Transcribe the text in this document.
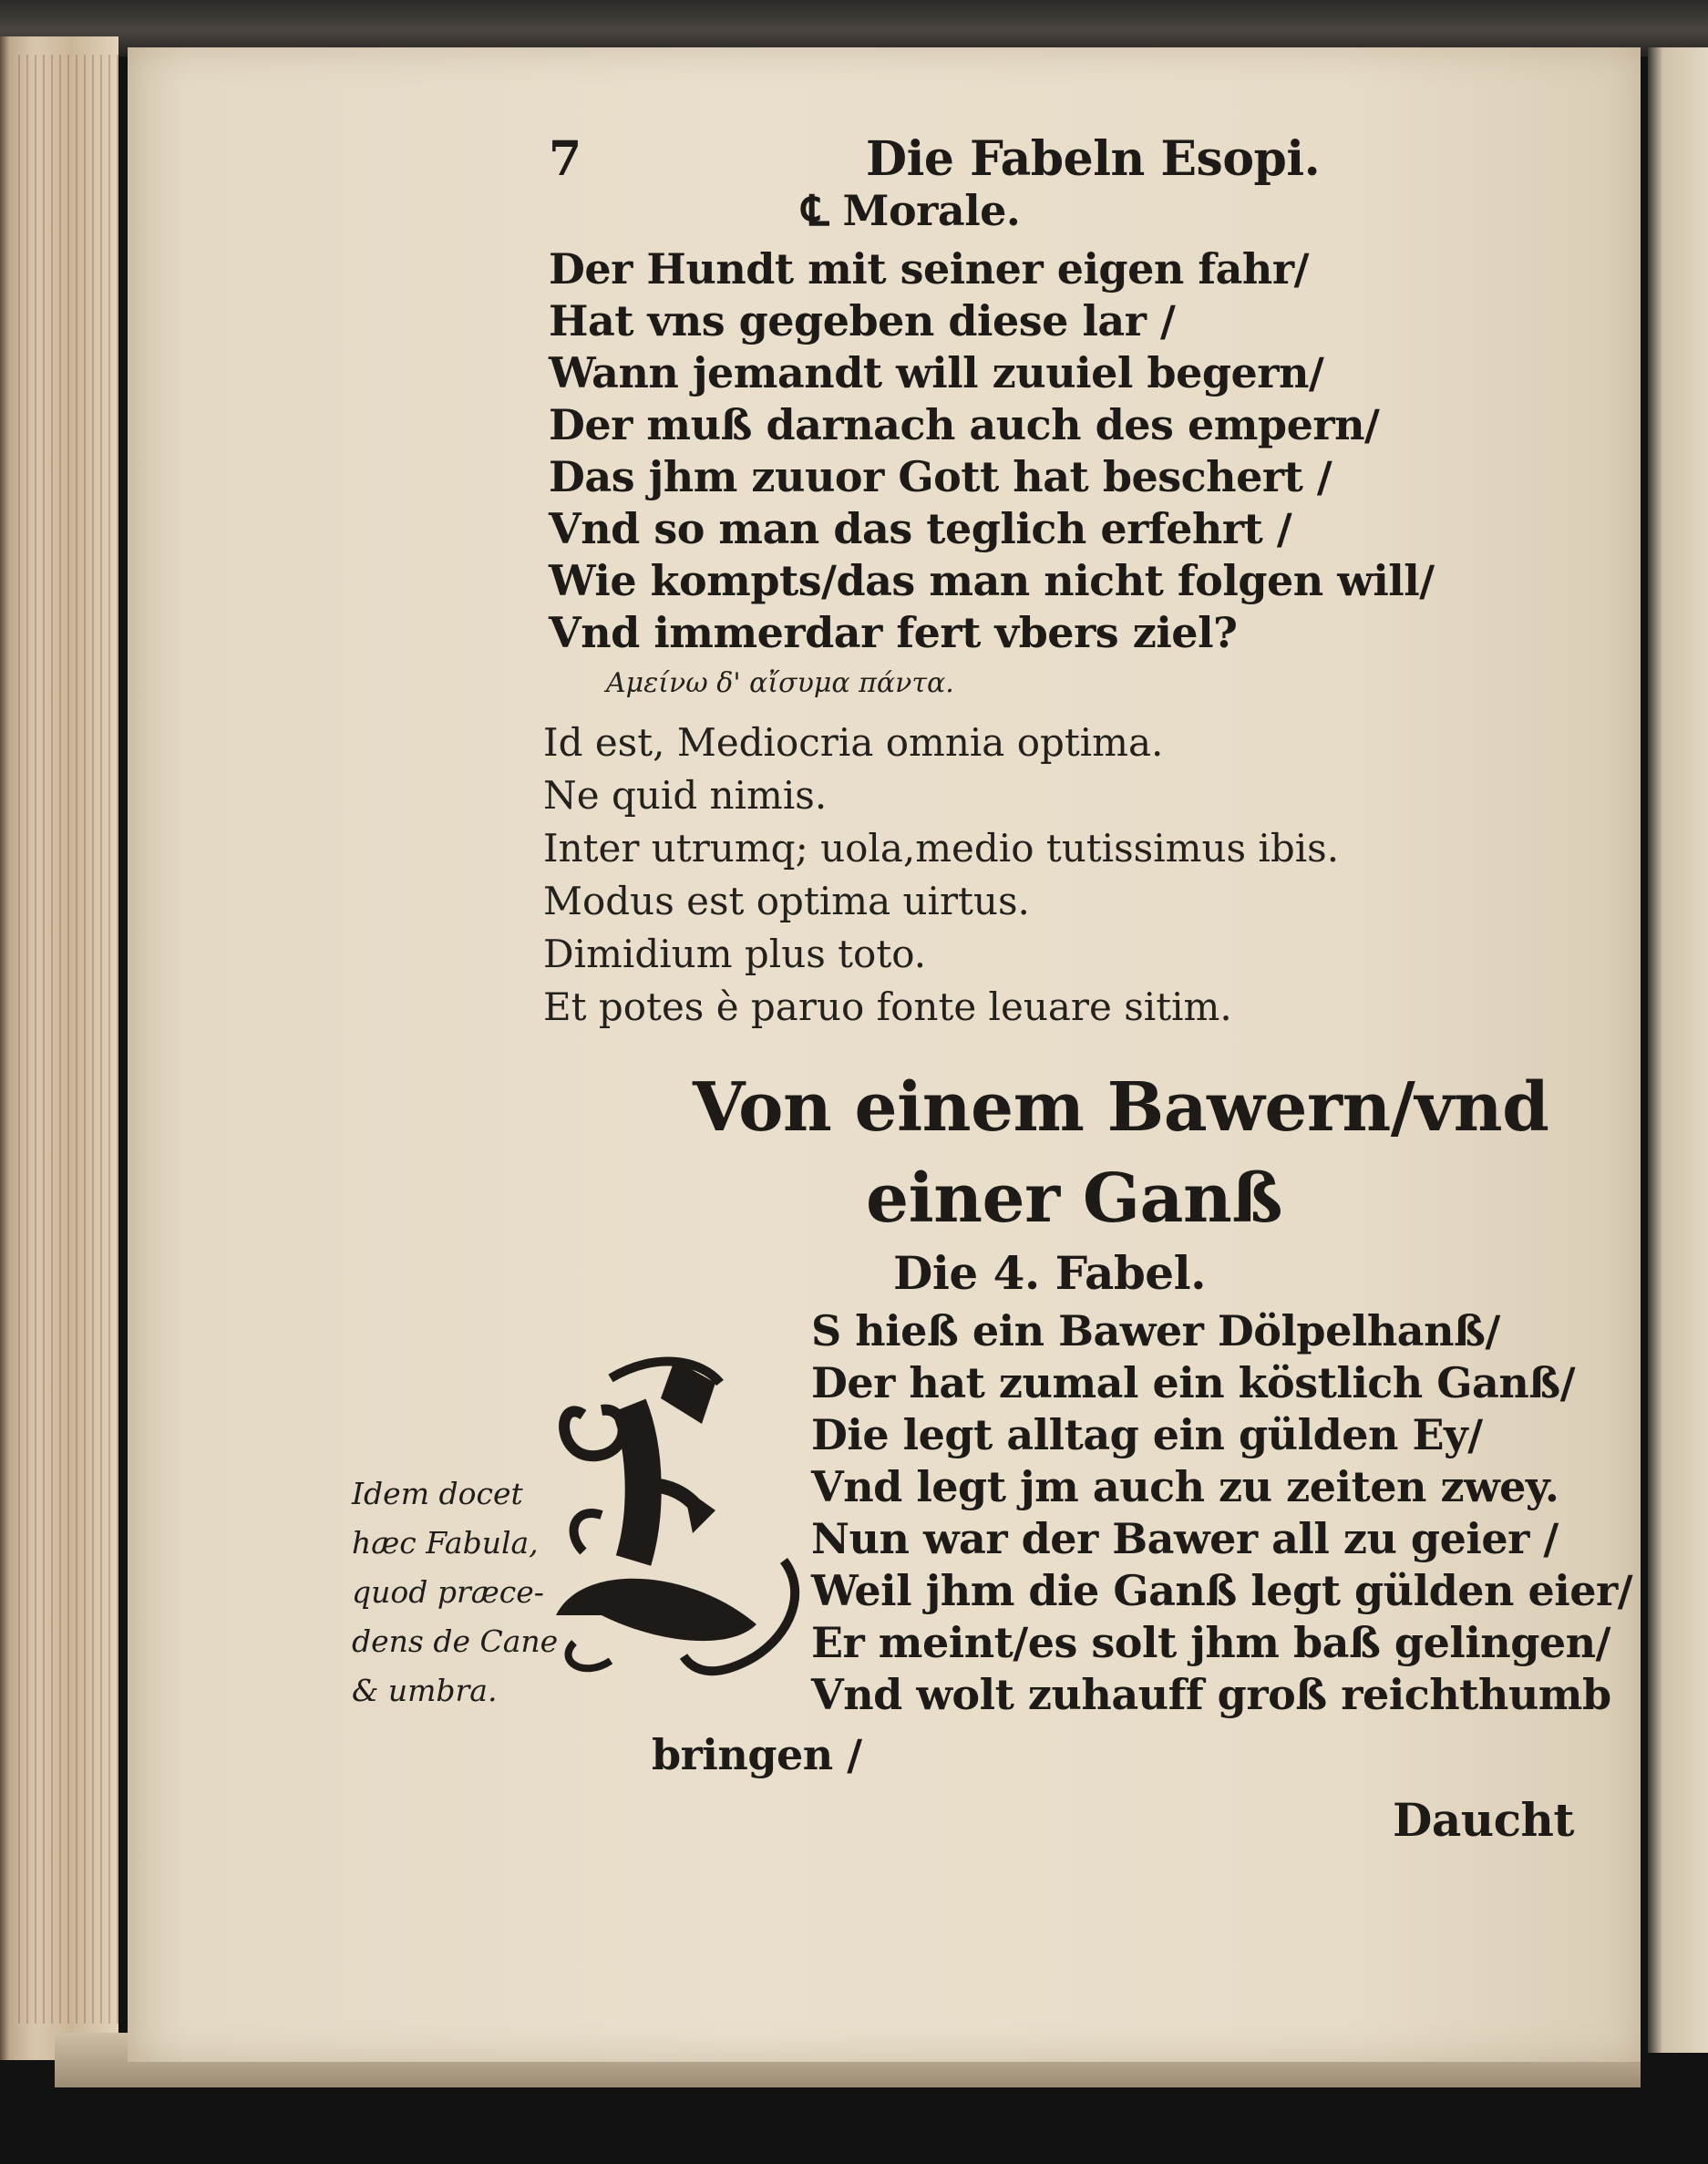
7	Die Fabeln Esopi.
℄ Morale.
Der Hundt mit seiner eigen fahr/
Hat vns gegeben diese lar /
Wann jemandt will zuuiel begern/
Der muß darnach auch des empern/
Das jhm zuuor Gott hat beschert /
Vnd so man das teglich erfehrt /
Wie kompts/das man nicht folgen will/
Vnd immerdar fert vbers ziel?
Αμείνω δ' αἴσυμα πάντα.
Id est, Mediocria omnia optima.
Ne quid nimis.
Inter utrumq; uola,medio tutissimus ibis.
Modus est optima uirtus.
Dimidium plus toto.
Et potes è paruo fonte leuare sitim.
Von einem Bawern/vnd
einer Ganß
Die 4. Fabel.
S hieß ein Bawer Dölpelhanß/
Der hat zumal ein köstlich Ganß/
Die legt alltag ein gülden Ey/
Vnd legt jm auch zu zeiten zwey.
Nun war der Bawer all zu geier /
Weil jhm die Ganß legt gülden eier/
Er meint/es solt jhm baß gelingen/
Vnd wolt zuhauff groß reichthumb
bringen /
Daucht
Idem docet
hæc Fabula,
quod præce-
dens de Cane
& umbra.
E
